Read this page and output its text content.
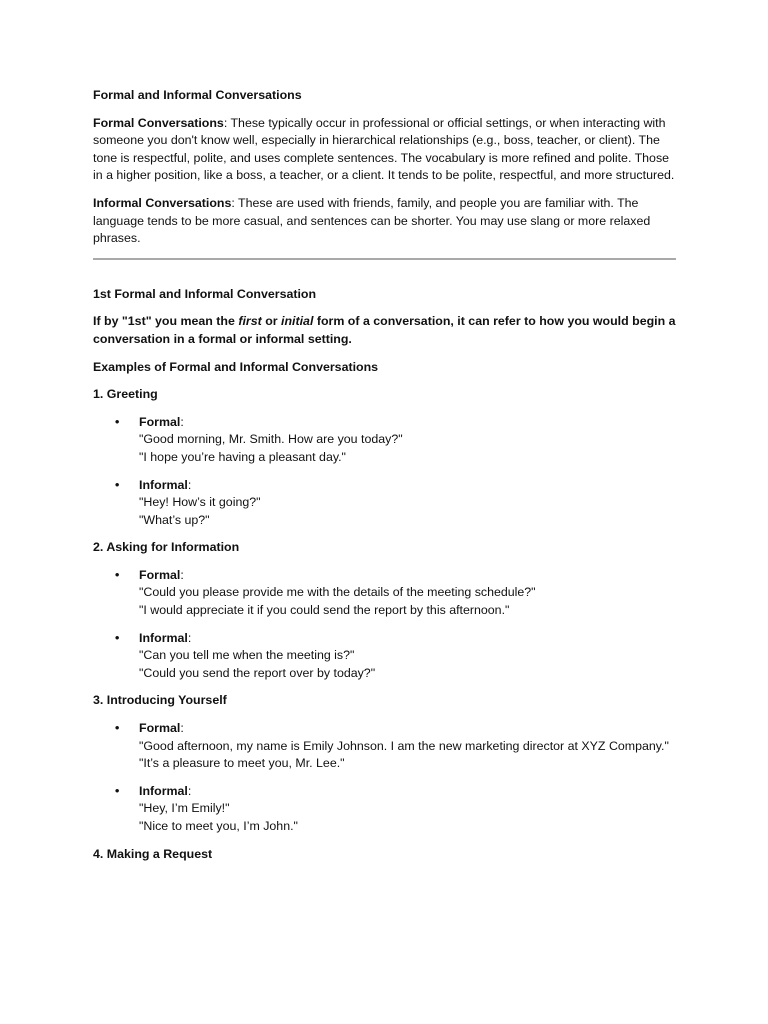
Formal and Informal Conversations

Formal Conversations: These typically occur in professional or official settings, or when interacting with someone you don't know well, especially in hierarchical relationships (e.g., boss, teacher, or client). The tone is respectful, polite, and uses complete sentences. The vocabulary is more refined and polite. Those in a higher position, like a boss, a teacher, or a client. It tends to be polite, respectful, and more structured.

Informal Conversations: These are used with friends, family, and people you are familiar with. The language tends to be more casual, and sentences can be shorter. You may use slang or more relaxed phrases.

1st Formal and Informal Conversation

If by "1st" you mean the first or initial form of a conversation, it can refer to how you would begin a conversation in a formal or informal setting.

Examples of Formal and Informal Conversations

1. Greeting

• Formal:
"Good morning, Mr. Smith. How are you today?"
"I hope you’re having a pleasant day."
• Informal:
"Hey! How’s it going?"
"What’s up?"

2. Asking for Information

• Formal:
"Could you please provide me with the details of the meeting schedule?"
"I would appreciate it if you could send the report by this afternoon."
• Informal:
"Can you tell me when the meeting is?"
"Could you send the report over by today?"

3. Introducing Yourself

• Formal:
"Good afternoon, my name is Emily Johnson. I am the new marketing director at XYZ Company."
"It’s a pleasure to meet you, Mr. Lee."
• Informal:
"Hey, I’m Emily!"
"Nice to meet you, I’m John."

4. Making a Request
